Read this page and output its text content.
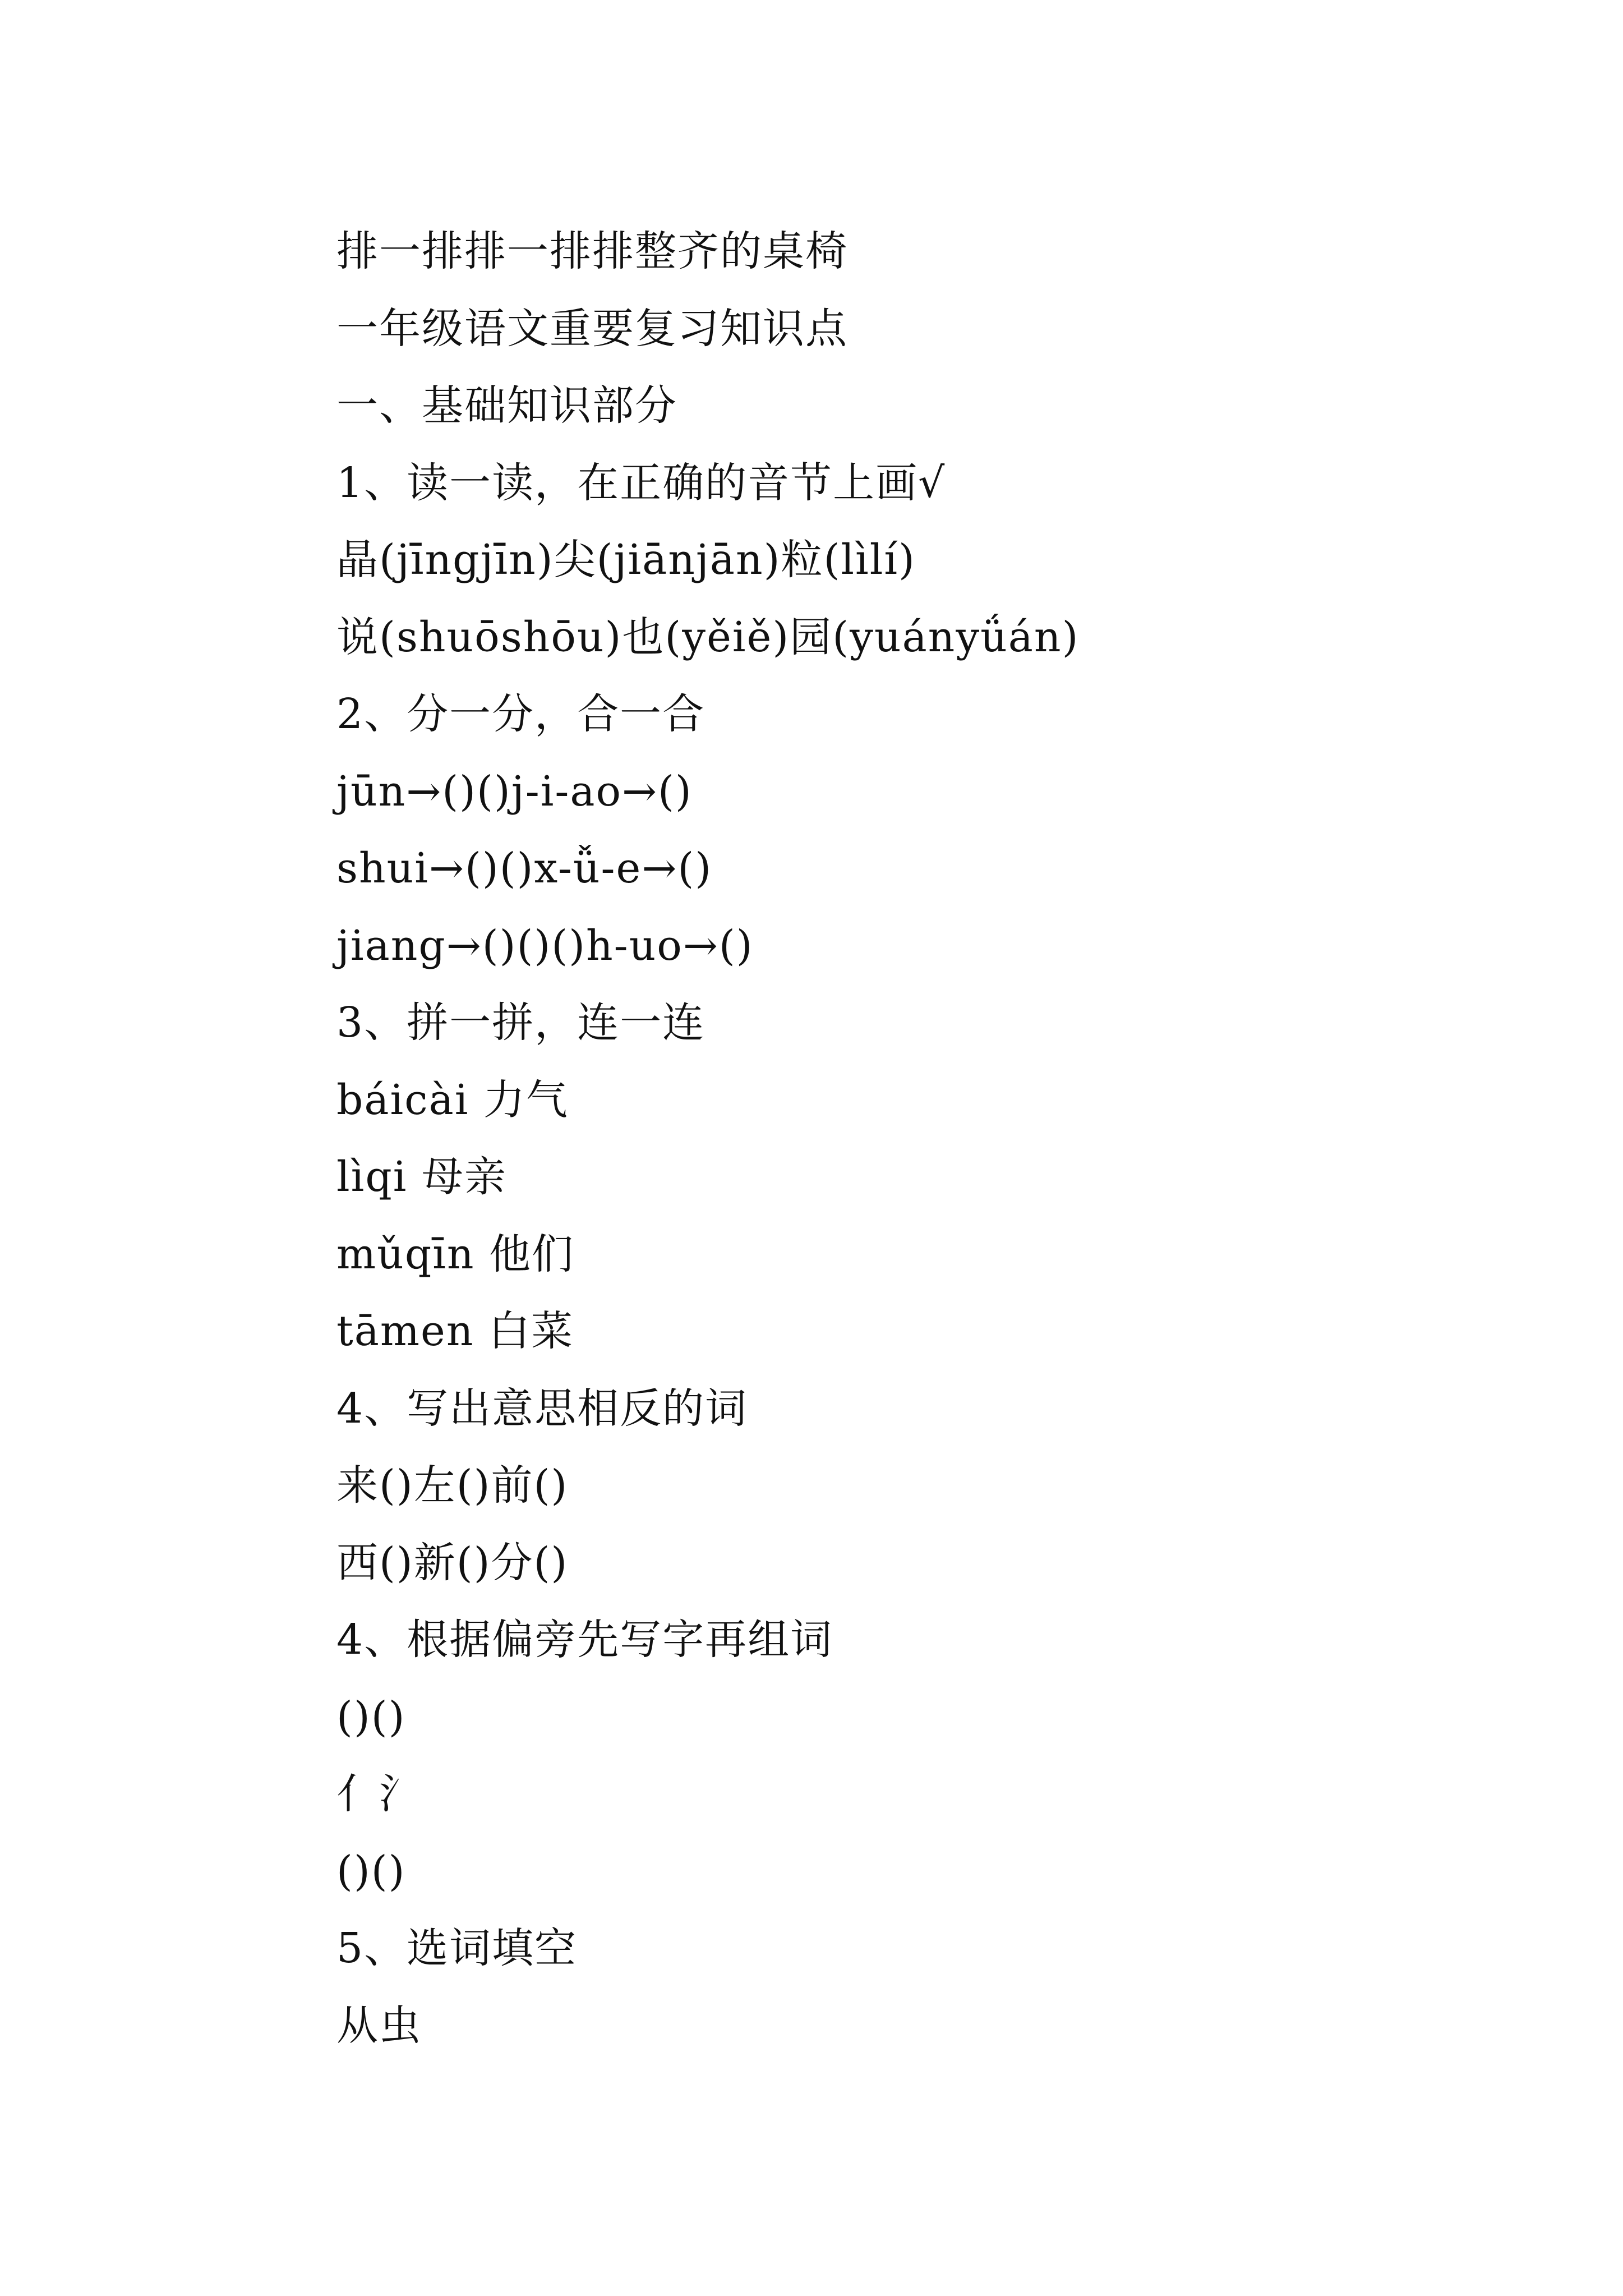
排一排排一排排整齐的桌椅
一年级语文重要复习知识点
一、基础知识部分
1、读一读，在正确的音节上画√
晶(jīngjīn)尖(jiānjān)粒(lìlí)
说(shuōshōu)也(yěiě)园(yuányǘán)
2、分一分，合一合
jūn→()()j-i-ao→()
shui→()()x-ǚ-e→()
jiang→()()()h-uo→()
3、拼一拼，连一连
báicài 力气
lìqi 母亲
mǔqīn 他们
tāmen 白菜
4、写出意思相反的词
来()左()前()
西()新()分()
4、根据偏旁先写字再组词
()()
亻氵
()()
5、选词填空
从虫
